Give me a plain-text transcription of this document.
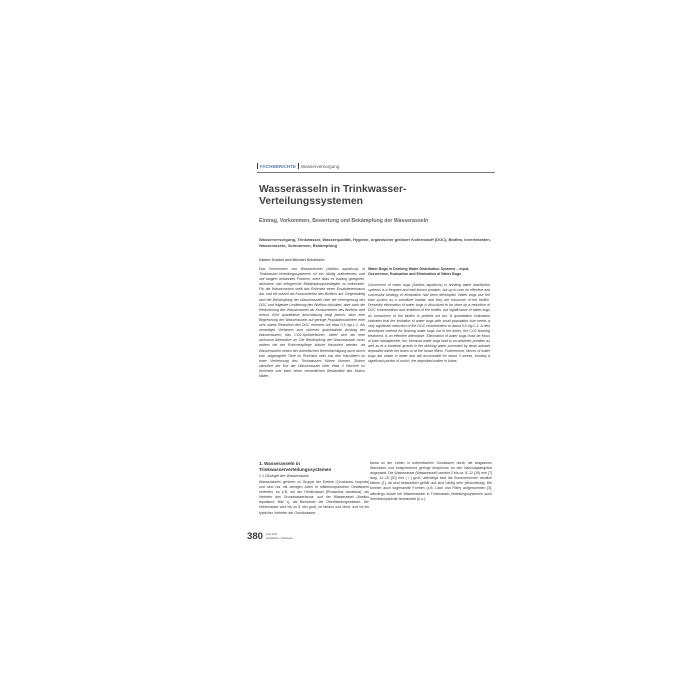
FACHBERICHTE Wasserversorgung
Wasserasseln in Trinkwasser-Verteilungssystemen
Eintrag, Vorkommen, Bewertung und Bekämpfung der Wasserasseln

Wasserversorgung, Trinkwasser, Wasserqualität, Hygiene, organischer gelöster Kohlenstoff (DOC), Biofilm, Invertebraten, Wasserasseln, Vorkommen, Bekämpfung

Günter Gunkel und Michael Scheideler

Das Vorkommen von Wasserasseln (Asellus aquaticus) in Trinkwasser-Verteilungssystemen ist ein häufig auftretendes und seit langem bekanntes Problem, ohne dass es bislang geeignete, wirksame und erfolgreiche Bekämpfungsstrategien zu entwickeln. Für die Wasserasseln stellt das Rohrnetz einen Ersatzlebensraum dar, und sie nutzen als Konsumenten des Biofilms auf. Gegenwärtig wird die Bekämpfung der Wasserasseln über die Verringerung des DOC und folgende Limitierung des Biofilms diskutiert, aber auch die Reduzierung des Wasserasseln als Konsumenten des Biofilms wird betont. Eine quantitative Abschätzung zeigt jedoch, dass eine Begrenzung der Wasserasseln auf geringe Populationsdichten eine sehr starke Reduktion des DOC erfordert auf etwa 0,5 mg L-1. Als neuartiges Verfahren zum sicheren quantitativen Austrag der Wasserasseln, das CO2-Spülverfahren, bietet sich als eine wirksame Alternative an. Die Bekämpfung der Wasserasseln muss anders bei der Rohrnetzpflege stärker fokussiert werden, da Wasserasseln neben der ästhetischen Beeinträchtigung auch durch tote, abgelagerte Tiere im Rohrnetz oder aus den Hausfiltern zu einer Verkeimung des Trinkwassers führen können. Zudem stimuliert der Kot der Wasserasseln über etwa 3 Wochen im Rohrnetz und kann einen wesentlichen Bestandteil des Mulms bilden.

Water Bugs in Drinking Water Distribution Systems – Input, Occurrence, Evaluation and Elimination of Water Bugs

Occurrence of water bugs (Asellus aquaticus) in drinking water distribution systems is a frequent and well known problem, but up to now no effective and successful strategy of elimination had been developed. Water bugs use the tube system as a substitute habitat, and they are consumer of the biofilm. Presently elimination of water bugs is discussed to be done by a reduction of DOC concentration and limitation of the biofilm, but significance of water bugs as consumers of the biofilm is pointed out too. A quantitative estimation indicates that the limitation of water bugs with small population size needs a very significant reduction of the DOC concentration to about 0.5 mg L-1. A new developed method for flushing water bugs out of the tubes, the CO2 flushing treatment, is an effective alternative. Elimination of water bugs must be focus of tube management, too, because water bugs lead to an aesthetic problem as well as to a bacterial growth in the drinking water promoted by dead animals deposited within the tubes or at the house filters. Furthermore, faeces of water bugs are stable in water and will accumulate for about 3 weeks, forming a significant portion of mulch, the deposited matter in tubes.

1. Wasserasseln in Trinkwasserverteilungssystemen
1.1 Ökologie der Wasserasseln

Wasserasseln gehören zu Gruppe der Krebse (Crustacea, Isopoda) und sind nur mit wenigen Arten in mitteleuropäischen Gewässern vertreten, so z.B. mit der Höhlenassel (Proasellus cavaticus), als Vertreter des Grundwasserfauna, und der Wasserassel (Asellus aquaticus; Bild 1), als Bewohner der Oberflächengewässer. Die Höhlenassel wird bis zu 8 mm groß, ist farblos und blind, und ist ein typischer Vertreter der Grundwasser-

fauna so der Leben in unterirdischen Gewässern durch die langsamen Wachstum und entsprechend geringe Ansprüche an den Nahrungsangebot angepasst. Die Wasserassel (Wasserassel) werden 2 bis ca. 8–12 (15) mm [7] lang, 12–15 [20] mm (♂) groß; allerdings sind die Sommerformen deutlich kleiner [1], da sind bekanntlich gefüllt und sind häufig sehr pfirsichfarbig. Die können auch sogenannte Formen (z.B. Laub und Filter) aufgenommen [3]; allerdings wurde bei Wasserasseln in Trinkwasser-Verteilungssystemen auch Semitransparente beobachtet (s.u.).

380 April 2011
gwf-Wasser | Abwasser
